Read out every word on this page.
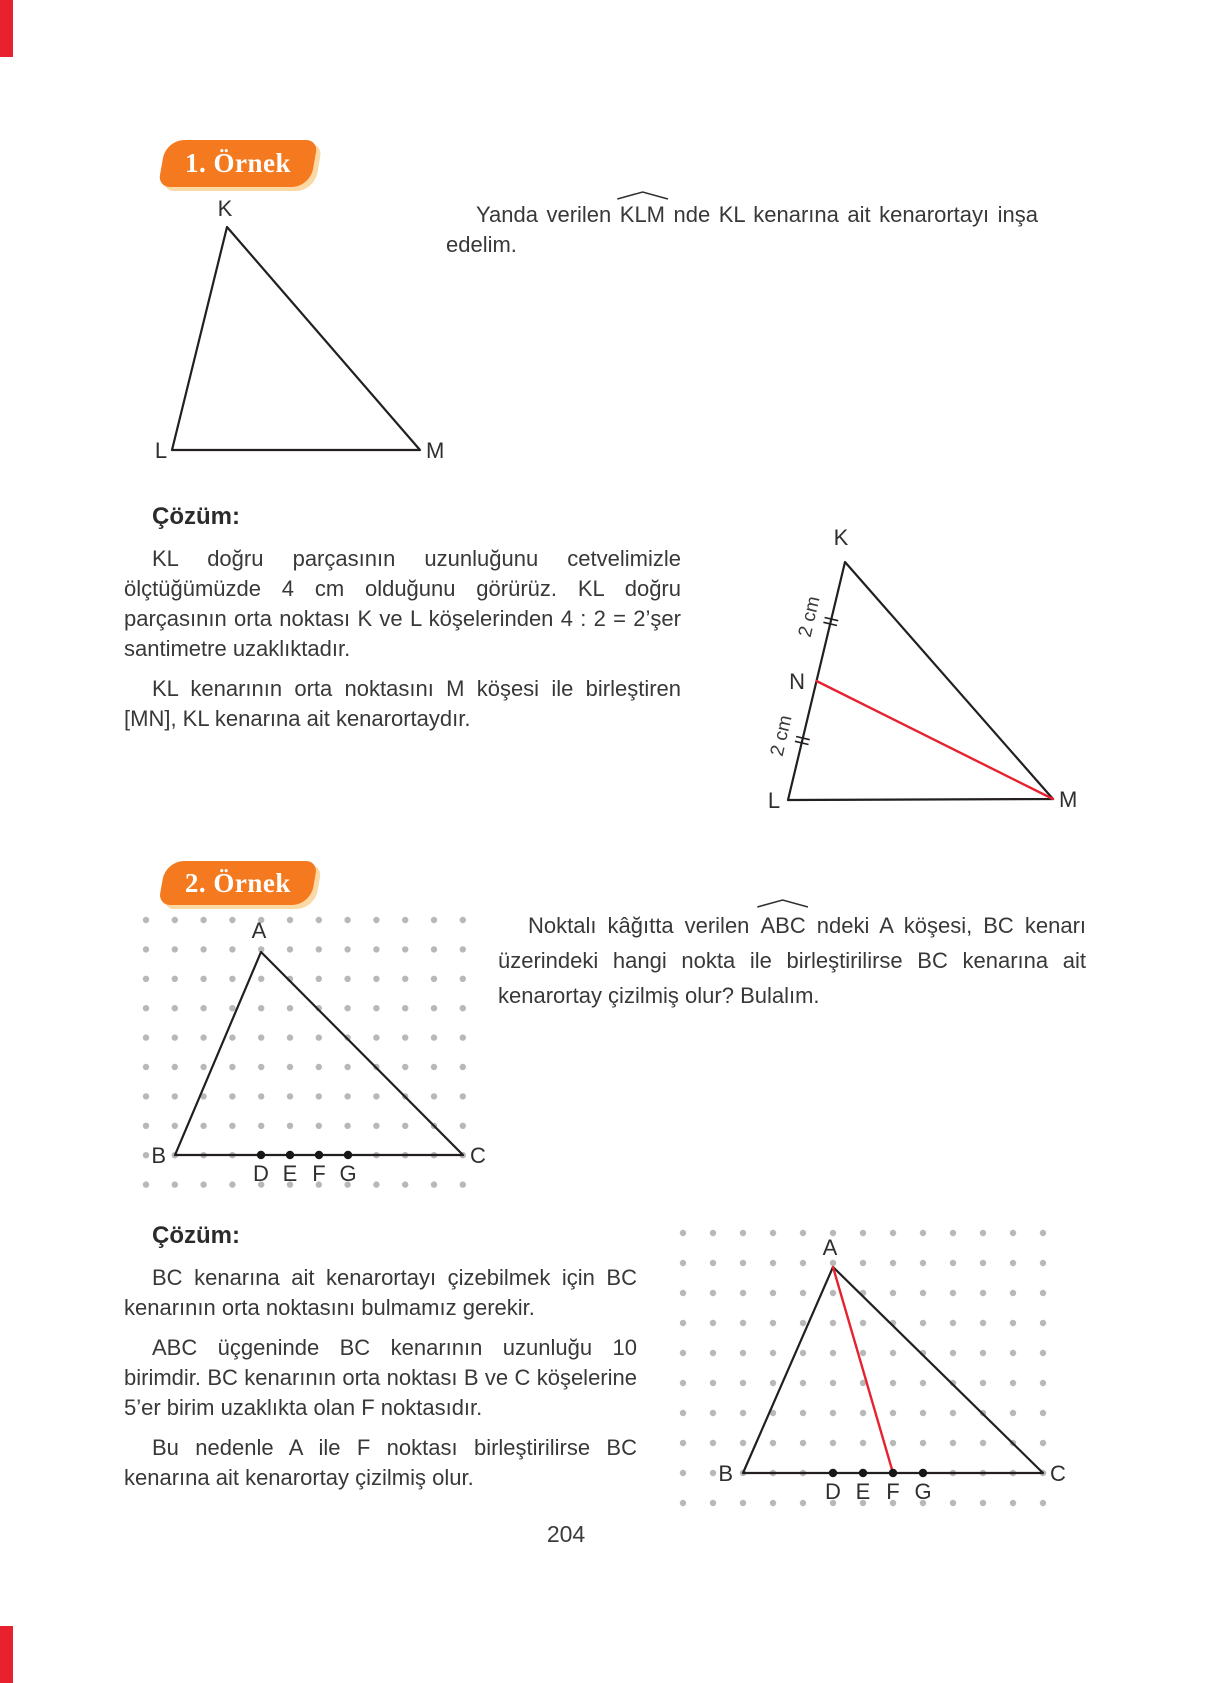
1. Örnek
K
L	M

Yanda verilen KLM nde KL kenarına ait kenarortayı inşa edelim.

Çözüm:

KL doğru parçasının uzunluğunu cetvelimizle ölçtüğümüzde 4 cm olduğunu görürüz. KL doğru parçasının orta noktası K ve L köşelerinden 4 : 2 = 2’şer santimetre uzaklıktadır.

KL kenarının orta noktasını M köşesi ile birleştiren [MN], KL kenarına ait kenarortaydır.

2 cm
2 cm
K
L	M
N
2. Örnek
A
B	C
D E F G

Noktalı kâğıtta verilen ABC ndeki A köşesi, BC kenarı üzerindeki hangi nokta ile birleştirilirse BC kenarına ait kenarortay çizilmiş olur? Bulalım.

Çözüm:

BC kenarına ait kenarortayı çizebilmek için BC kenarının orta noktasını bulmamız gerekir.

ABC üçgeninde BC kenarının uzunluğu 10 birimdir. BC kenarının orta noktası B ve C köşelerine 5’er birim uzaklıkta olan F noktasıdır.

Bu nedenle A ile F noktası birleştirilirse BC kenarına ait kenarortay çizilmiş olur.

A
B	C
D E F G
204
